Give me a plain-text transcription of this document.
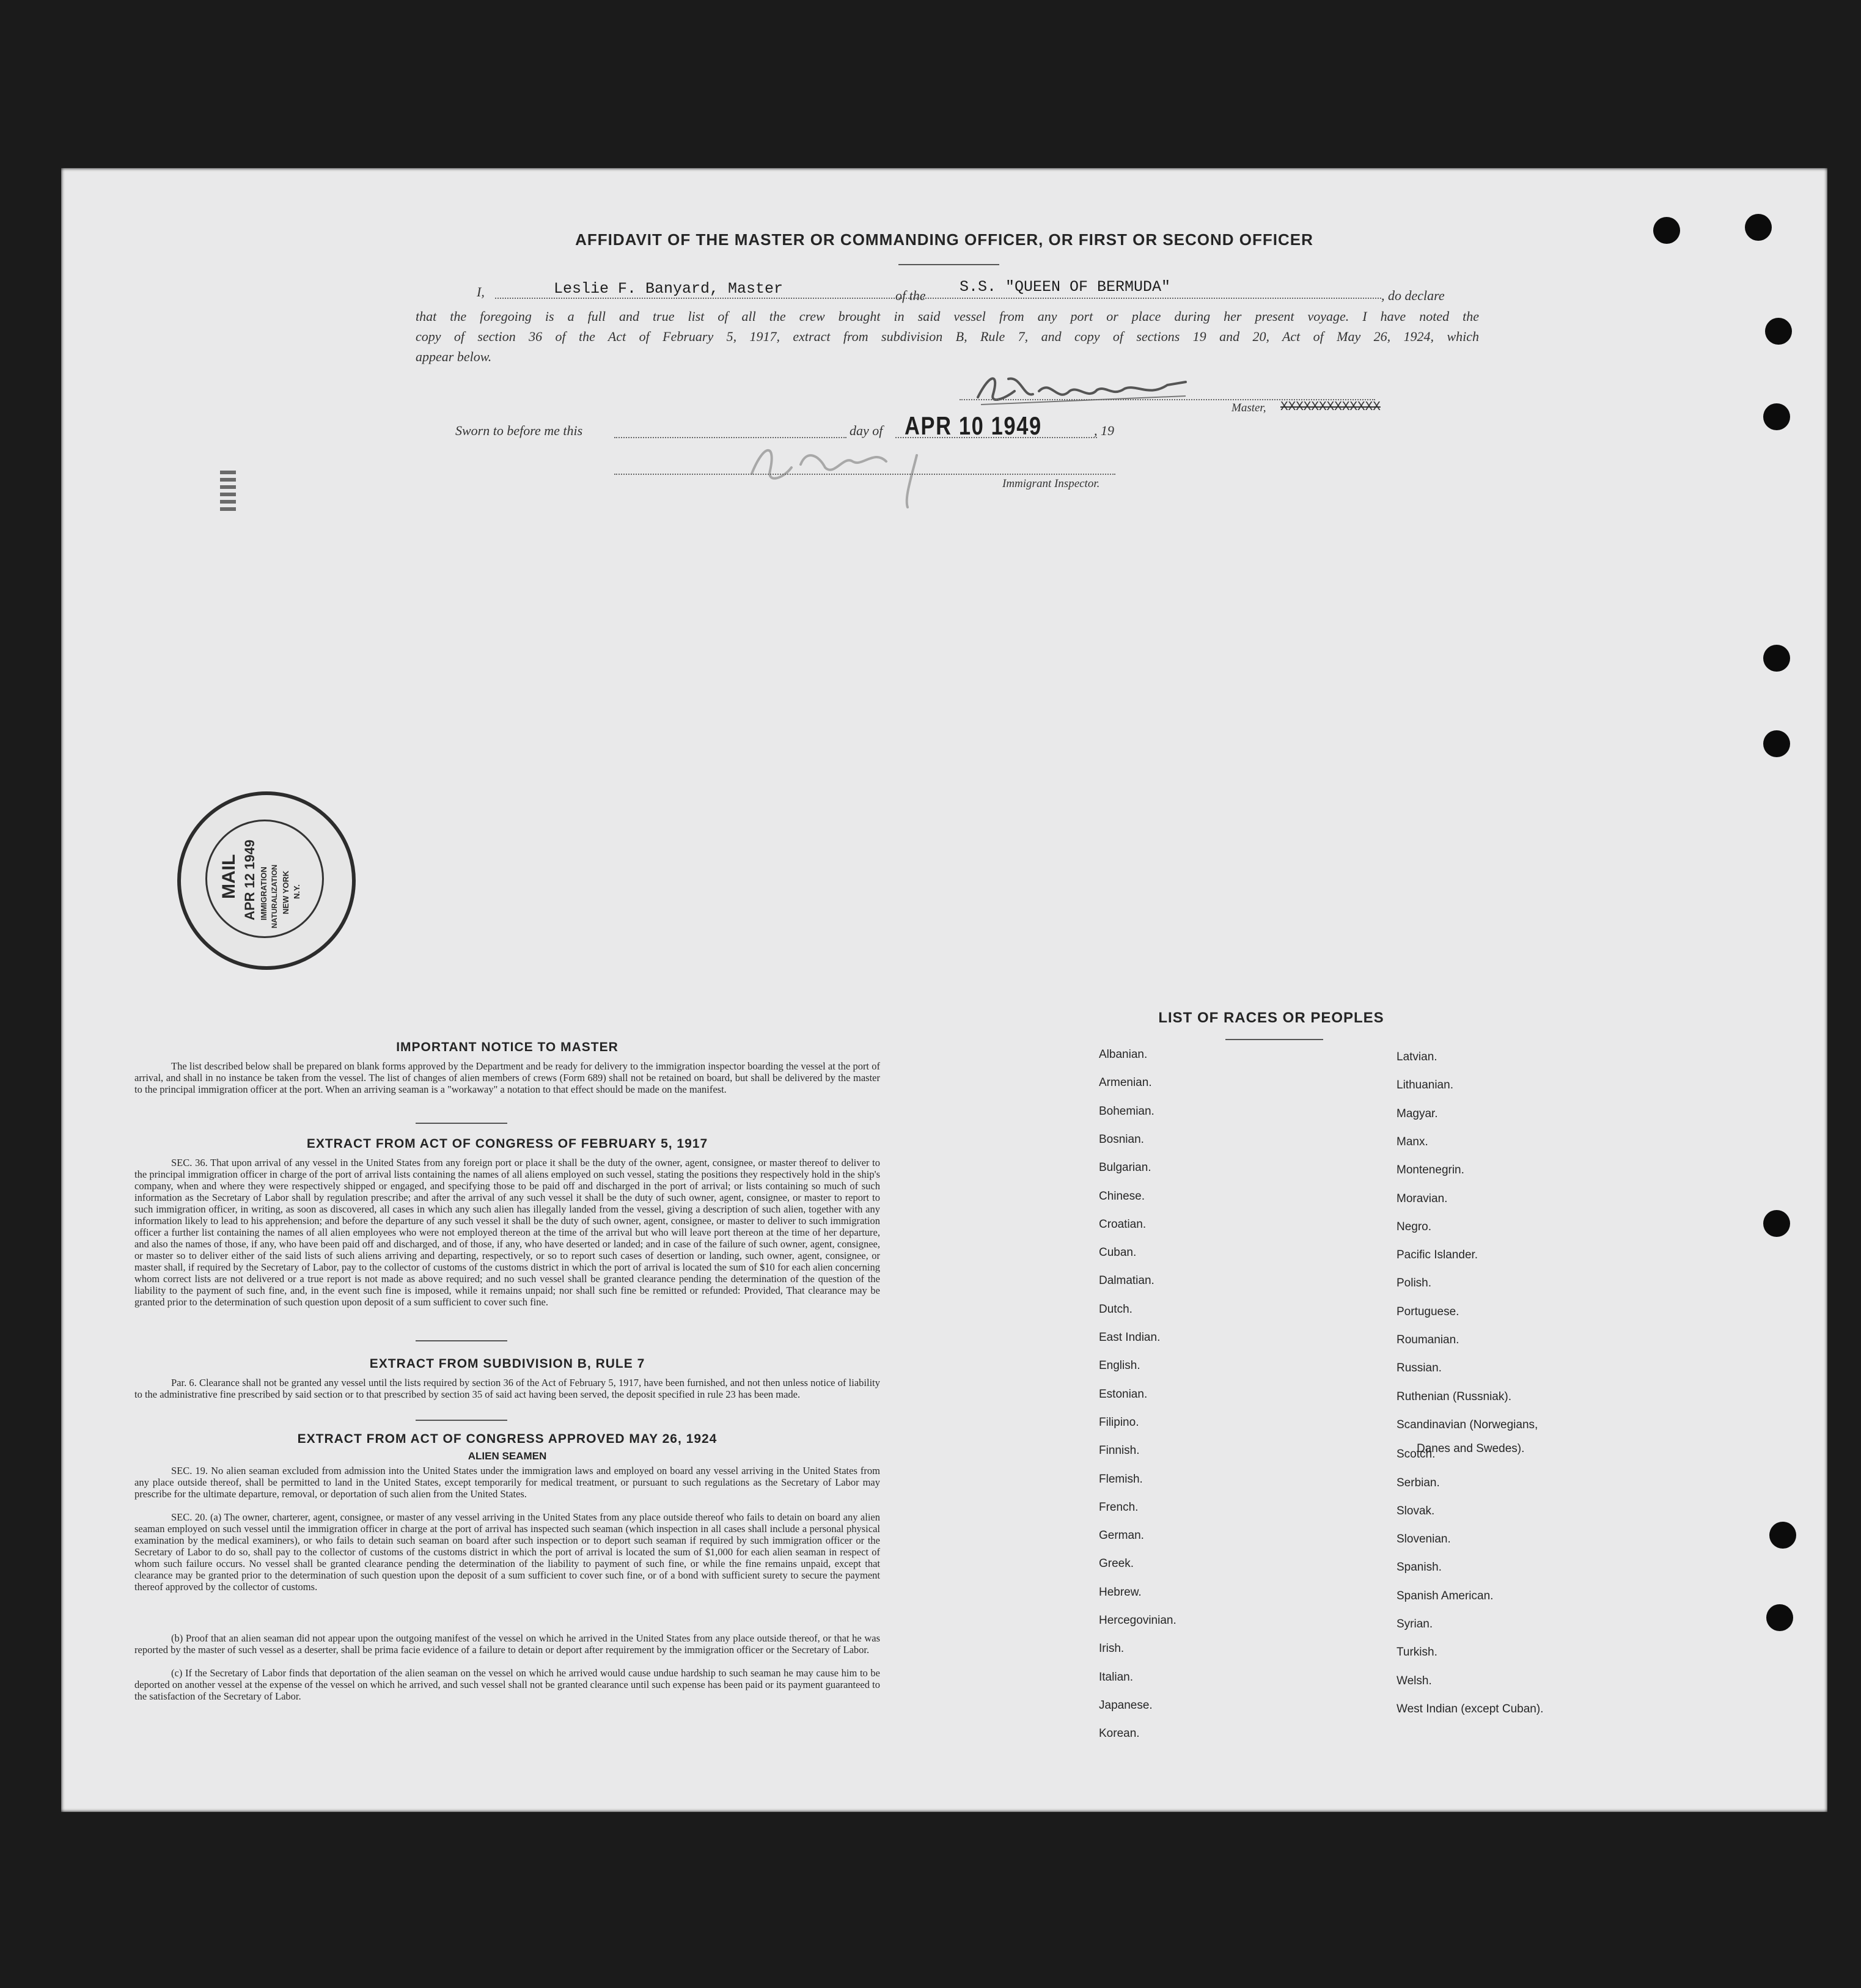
AFFIDAVIT OF THE MASTER OR COMMANDING OFFICER, OR FIRST OR SECOND OFFICER
I,	Leslie F. Banyard, Master	of the S.S. "QUEEN OF BERMUDA"	, do declare
that the foregoing is a full and true list of all the crew brought in said vessel from any port or place during her present voyage. I have noted the
copy of section 36 of the Act of February 5, 1917, extract from subdivision B, Rule 7, and copy of sections 19 and 20, Act of May 26, 1924, which
appear below.
Master, XXXXXXXXXXXXX
Sworn to before me this	day of APR 10 1949	, 19
Immigrant Inspector.
MAIL APR 12 1949 IMMIGRATION NATURALIZATION NEW YORK N.Y.
IMPORTANT NOTICE TO MASTER

The list described below shall be prepared on blank forms approved by the Department and be ready for delivery to the immigration inspector boarding the vessel at the port of arrival, and shall in no instance be taken from the vessel. The list of changes of alien members of crews (Form 689) shall not be retained on board, but shall be delivered by the master to the principal immigration officer at the port. When an arriving seaman is a "workaway" a notation to that effect should be made on the manifest.

EXTRACT FROM ACT OF CONGRESS OF FEBRUARY 5, 1917

SEC. 36. That upon arrival of any vessel in the United States from any foreign port or place it shall be the duty of the owner, agent, consignee, or master thereof to deliver to the principal immigration officer in charge of the port of arrival lists containing the names of all aliens employed on such vessel, stating the positions they respectively hold in the ship's company, when and where they were respectively shipped or engaged, and specifying those to be paid off and discharged in the port of arrival; or lists containing so much of such information as the Secretary of Labor shall by regulation prescribe; and after the arrival of any such vessel it shall be the duty of such owner, agent, consignee, or master to report to such immigration officer, in writing, as soon as discovered, all cases in which any such alien has illegally landed from the vessel, giving a description of such alien, together with any information likely to lead to his apprehension; and before the departure of any such vessel it shall be the duty of such owner, agent, consignee, or master to deliver to such immigration officer a further list containing the names of all alien employees who were not employed thereon at the time of the arrival but who will leave port thereon at the time of her departure, and also the names of those, if any, who have been paid off and discharged, and of those, if any, who have deserted or landed; and in case of the failure of such owner, agent, consignee, or master so to deliver either of the said lists of such aliens arriving and departing, respectively, or so to report such cases of desertion or landing, such owner, agent, consignee, or master shall, if required by the Secretary of Labor, pay to the collector of customs of the customs district in which the port of arrival is located the sum of $10 for each alien concerning whom correct lists are not delivered or a true report is not made as above required; and no such vessel shall be granted clearance pending the determination of the question of the liability to the payment of such fine, and, in the event such fine is imposed, while it remains unpaid; nor shall such fine be remitted or refunded: Provided, That clearance may be granted prior to the determination of such question upon deposit of a sum sufficient to cover such fine.

EXTRACT FROM SUBDIVISION B, RULE 7

Par. 6. Clearance shall not be granted any vessel until the lists required by section 36 of the Act of February 5, 1917, have been furnished, and not then unless notice of liability to the administrative fine prescribed by said section or to that prescribed by section 35 of said act having been served, the deposit specified in rule 23 has been made.

EXTRACT FROM ACT OF CONGRESS APPROVED MAY 26, 1924
ALIEN SEAMEN

SEC. 19. No alien seaman excluded from admission into the United States under the immigration laws and employed on board any vessel arriving in the United States from any place outside thereof, shall be permitted to land in the United States, except temporarily for medical treatment, or pursuant to such regulations as the Secretary of Labor may prescribe for the ultimate departure, removal, or deportation of such alien from the United States.

SEC. 20. (a) The owner, charterer, agent, consignee, or master of any vessel arriving in the United States from any place outside thereof who fails to detain on board any alien seaman employed on such vessel until the immigration officer in charge at the port of arrival has inspected such seaman (which inspection in all cases shall include a personal physical examination by the medical examiners), or who fails to detain such seaman on board after such inspection or to deport such seaman if required by such immigration officer or the Secretary of Labor to do so, shall pay to the collector of customs of the customs district in which the port of arrival is located the sum of $1,000 for each alien seaman in respect of whom such failure occurs. No vessel shall be granted clearance pending the determination of the liability to payment of such fine, or while the fine remains unpaid, except that clearance may be granted prior to the determination of such question upon the deposit of a sum sufficient to cover such fine, or of a bond with sufficient surety to secure the payment thereof approved by the collector of customs.

(b) Proof that an alien seaman did not appear upon the outgoing manifest of the vessel on which he arrived in the United States from any place outside thereof, or that he was reported by the master of such vessel as a deserter, shall be prima facie evidence of a failure to detain or deport after requirement by the immigration officer or the Secretary of Labor.

(c) If the Secretary of Labor finds that deportation of the alien seaman on the vessel on which he arrived would cause undue hardship to such seaman he may cause him to be deported on another vessel at the expense of the vessel on which he arrived, and such vessel shall not be granted clearance until such expense has been paid or its payment guaranteed to the satisfaction of the Secretary of Labor.

LIST OF RACES OR PEOPLES
Danes and Swedes).
Albanian.
Armenian.
Bohemian.
Bosnian.
Bulgarian.
Chinese.
Croatian.
Cuban.
Dalmatian.
Dutch.
East Indian.
English.
Estonian.
Filipino.
Finnish.
Flemish.
French.
German.
Greek.
Hebrew.
Hercegovinian.
Irish.
Italian.
Japanese.
Korean.
Latvian.
Lithuanian.
Magyar.
Manx.
Montenegrin.
Moravian.
Negro.
Pacific Islander.
Polish.
Portuguese.
Roumanian.
Russian.
Ruthenian (Russniak).
Scandinavian (Norwegians,
Scotch.
Serbian.
Slovak.
Slovenian.
Spanish.
Spanish American.
Syrian.
Turkish.
Welsh.
West Indian (except Cuban).
